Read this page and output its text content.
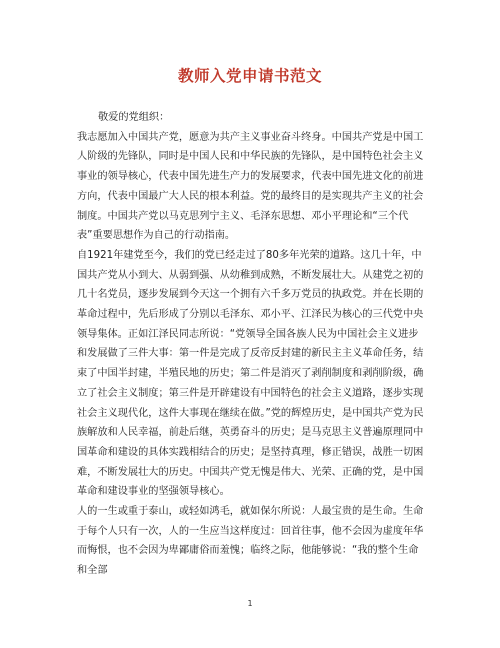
教师入党申请书范文

敬爱的党组织：

我志愿加入中国共产党，愿意为共产主义事业奋斗终身。中国共产党是中国工人阶级的先锋队，同时是中国人民和中华民族的先锋队，是中国特色社会主义事业的领导核心，代表中国先进生产力的发展要求，代表中国先进文化的前进方向，代表中国最广大人民的根本利益。党的最终目的是实现共产主义的社会制度。中国共产党以马克思列宁主义、毛泽东思想、邓小平理论和“三个代表”重要思想作为自己的行动指南。

自1921年建党至今，我们的党已经走过了80多年光荣的道路。这几十年，中国共产党从小到大、从弱到强、从幼稚到成熟，不断发展壮大。从建党之初的几十名党员，逐步发展到今天这一个拥有六千多万党员的执政党。并在长期的革命过程中，先后形成了分别以毛泽东、邓小平、江泽民为核心的三代党中央领导集体。正如江泽民同志所说：“党领导全国各族人民为中国社会主义进步和发展做了三件大事：第一件是完成了反帝反封建的新民主主义革命任务，结束了中国半封建，半殖民地的历史；第二件是消灭了剥削制度和剥削阶级，确立了社会主义制度；第三件是开辟建设有中国特色的社会主义道路，逐步实现社会主义现代化，这件大事现在继续在做。”党的辉煌历史，是中国共产党为民族解放和人民幸福，前赴后继，英勇奋斗的历史；是马克思主义普遍原理同中国革命和建设的具体实践相结合的历史；是坚持真理，修正错误，战胜一切困难，不断发展壮大的历史。中国共产党无愧是伟大、光荣、正确的党，是中国革命和建设事业的坚强领导核心。

人的一生或重于泰山，或轻如鸿毛，就如保尔所说：人最宝贵的是生命。生命于每个人只有一次，人的一生应当这样度过：回首往事，他不会因为虚度年华而悔恨，也不会因为卑鄙庸俗而羞愧；临终之际，他能够说：“我的整个生命和全部

1
